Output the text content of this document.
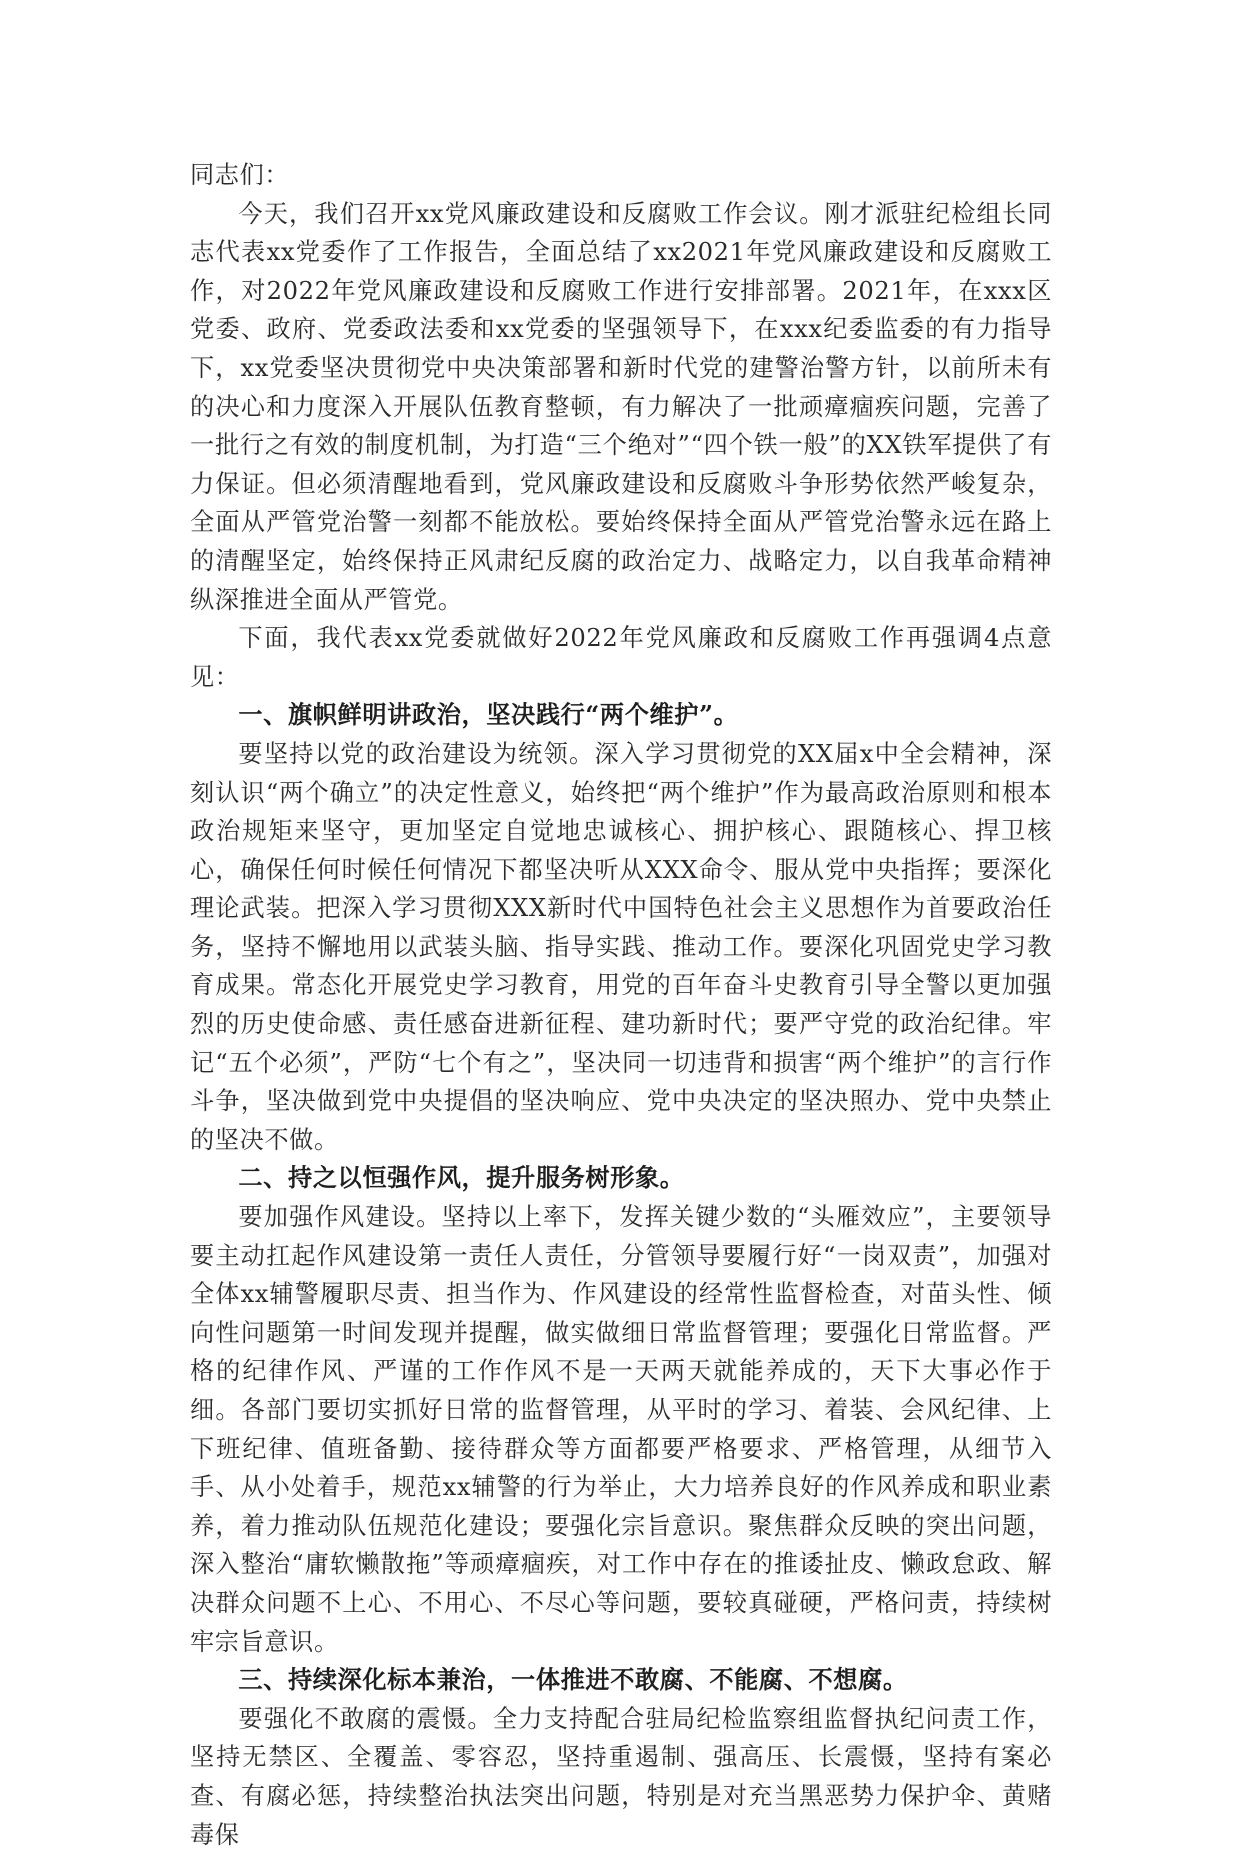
同志们：

今天，我们召开xx党风廉政建设和反腐败工作会议。刚才派驻纪检组长同志代表xx党委作了工作报告，全面总结了xx2021年党风廉政建设和反腐败工作，对2022年党风廉政建设和反腐败工作进行安排部署。2021年，在xxx区党委、政府、党委政法委和xx党委的坚强领导下，在xxx纪委监委的有力指导下，xx党委坚决贯彻党中央决策部署和新时代党的建警治警方针，以前所未有的决心和力度深入开展队伍教育整顿，有力解决了一批顽瘴痼疾问题，完善了一批行之有效的制度机制，为打造“三个绝对”“四个铁一般”的XX铁军提供了有力保证。但必须清醒地看到，党风廉政建设和反腐败斗争形势依然严峻复杂，全面从严管党治警一刻都不能放松。要始终保持全面从严管党治警永远在路上的清醒坚定，始终保持正风肃纪反腐的政治定力、战略定力，以自我革命精神纵深推进全面从严管党。

下面，我代表xx党委就做好2022年党风廉政和反腐败工作再强调4点意见：

一、旗帜鲜明讲政治，坚决践行“两个维护”。

要坚持以党的政治建设为统领。深入学习贯彻党的XX届x中全会精神，深刻认识“两个确立”的决定性意义，始终把“两个维护”作为最高政治原则和根本政治规矩来坚守，更加坚定自觉地忠诚核心、拥护核心、跟随核心、捍卫核心，确保任何时候任何情况下都坚决听从XXX命令、服从党中央指挥；要深化理论武装。把深入学习贯彻XXX新时代中国特色社会主义思想作为首要政治任务，坚持不懈地用以武装头脑、指导实践、推动工作。要深化巩固党史学习教育成果。常态化开展党史学习教育，用党的百年奋斗史教育引导全警以更加强烈的历史使命感、责任感奋进新征程、建功新时代；要严守党的政治纪律。牢记“五个必须”，严防“七个有之”，坚决同一切违背和损害“两个维护”的言行作斗争，坚决做到党中央提倡的坚决响应、党中央决定的坚决照办、党中央禁止的坚决不做。

二、持之以恒强作风，提升服务树形象。

要加强作风建设。坚持以上率下，发挥关键少数的“头雁效应”，主要领导要主动扛起作风建设第一责任人责任，分管领导要履行好“一岗双责”，加强对全体xx辅警履职尽责、担当作为、作风建设的经常性监督检查，对苗头性、倾向性问题第一时间发现并提醒，做实做细日常监督管理；要强化日常监督。严格的纪律作风、严谨的工作作风不是一天两天就能养成的，天下大事必作于细。各部门要切实抓好日常的监督管理，从平时的学习、着装、会风纪律、上下班纪律、值班备勤、接待群众等方面都要严格要求、严格管理，从细节入手、从小处着手，规范xx辅警的行为举止，大力培养良好的作风养成和职业素养，着力推动队伍规范化建设；要强化宗旨意识。聚焦群众反映的突出问题，深入整治“庸软懒散拖”等顽瘴痼疾，对工作中存在的推诿扯皮、懒政怠政、解决群众问题不上心、不用心、不尽心等问题，要较真碰硬，严格问责，持续树牢宗旨意识。

三、持续深化标本兼治，一体推进不敢腐、不能腐、不想腐。

要强化不敢腐的震慑。全力支持配合驻局纪检监察组监督执纪问责工作，坚持无禁区、全覆盖、零容忍，坚持重遏制、强高压、长震慑，坚持有案必查、有腐必惩，持续整治执法突出问题，特别是对充当黑恶势力保护伞、黄赌毒保
